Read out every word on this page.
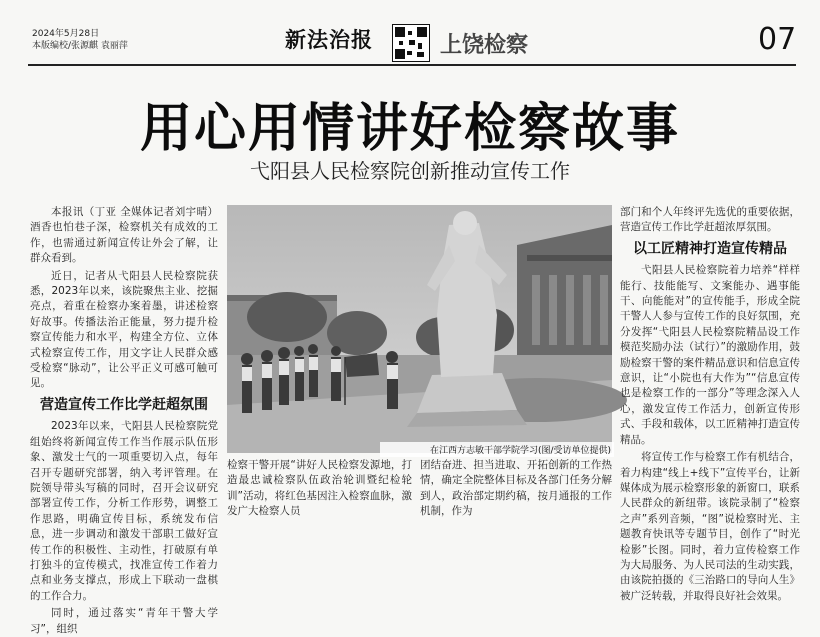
2024年5月28日
本版编校/张源麒 袁丽萍	新法治报	上饶检察	07
用心用情讲好检察故事
弋阳县人民检察院创新推动宣传工作

本报讯（丁亚 全媒体记者刘宇晴）酒香也怕巷子深，检察机关有成效的工作，也需通过新闻宣传让外会了解，让群众看到。

近日，记者从弋阳县人民检察院获悉，2023年以来，该院聚焦主业、挖掘亮点，着重在检察办案着墨，讲述检察好故事。传播法治正能量，努力提升检察宣传能力和水平，构建全方位、立体式检察宣传工作，用文字让人民群众感受检察“脉动”，让公平正义可感可触可见。

营造宣传工作比学赶超氛围

2023年以来，弋阳县人民检察院党组始终将新闻宣传工作当作展示队伍形象、激发士气的一项重要切入点，每年召开专题研究部署，纳入考评管理。在院领导带头写稿的同时，召开会议研究部署宣传工作，分析工作形势，调整工作思路，明确宣传目标，系统发布信息，进一步调动和激发干部职工做好宣传工作的积极性、主动性，打破原有单打独斗的宣传模式，找准宣传工作着力点和业务支撑点，形成上下联动一盘棋的工作合力。

同时，通过落实“青年干警大学习”，组织

在江西方志敏干部学院学习(图/受访单位提供)

检察干警开展“讲好人民检察发源地，打造最忠诚检察队伍政治轮训暨纪检轮训”活动，将红色基因注入检察血脉，激发广大检察人员

团结奋进、担当进取、开拓创新的工作热情，确定全院整体目标及各部门任务分解到人，政治部定期约稿，按月通报的工作机制，作为

部门和个人年终评先选优的重要依据，营造宣传工作比学赶超浓厚氛围。

以工匠精神打造宣传精品

弋阳县人民检察院着力培养“样样能行、技能能写、文案能办、遇事能干、向能能对”的宣传能手，形成全院干警人人参与宣传工作的良好氛围，充分发挥“弋阳县人民检察院精品设工作模范奖励办法（试行）”的激励作用，鼓励检察干警的案件精品意识和信息宣传意识，让“小院也有大作为”“信息宣传也是检察工作的一部分”等理念深入人心，激发宣传工作活力，创新宣传形式、手段和载体，以工匠精神打造宣传精品。

将宣传工作与检察工作有机结合，着力构建“线上+线下”宣传平台，让新媒体成为展示检察形象的新窗口，联系人民群众的新纽带。该院录制了“检察之声”系列音频，“图”说检察时光、主题教育快讯等专题节目，创作了“时光检影”长图。同时，着力宣传检察工作为大局服务、为人民司法的生动实践，由该院拍摄的《三治路口的导向人生》被广泛转载，并取得良好社会效果。
